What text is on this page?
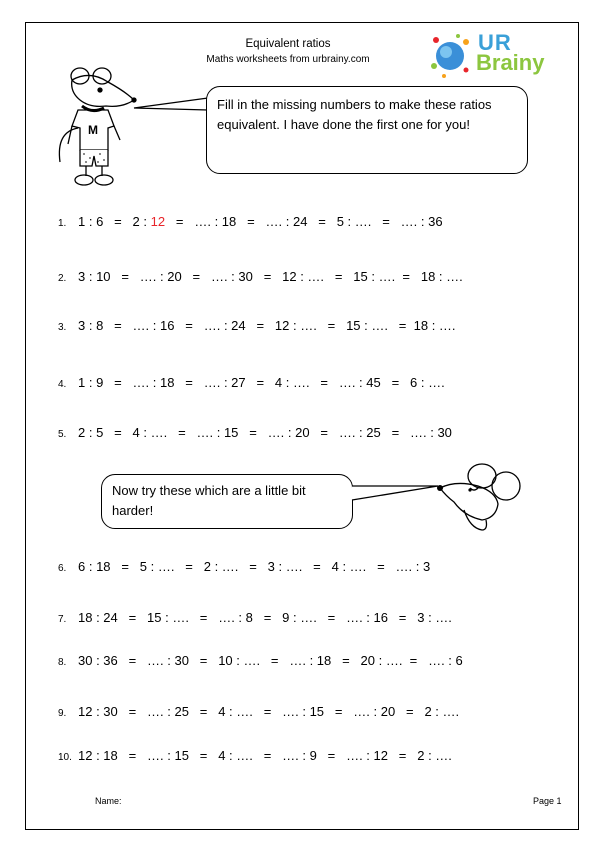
Equivalent ratios
Maths worksheets from urbrainy.com
UR
Brainy
M
Fill in the missing numbers to make these ratios equivalent. I have done the first one for you!
1. 1 : 6   =   2 : 12   =   …. : 18   =   …. : 24   =   5 : ….   =   …. : 36
2. 3 : 10   =   …. : 20   =   …. : 30   =   12 : ….   =   15 : ….  =   18 : ….
3. 3 : 8   =   …. : 16   =   …. : 24   =   12 : ….   =   15 : ….   =  18 : ….
4. 1 : 9   =   …. : 18   =   …. : 27   =   4 : ….   =   …. : 45   =   6 : ….
5. 2 : 5   =   4 : ….   =   …. : 15   =   …. : 20   =   …. : 25   =   …. : 30
Now try these which are a little bit harder!
6. 6 : 18   =   5 : ….   =   2 : ….   =   3 : ….   =   4 : ….   =   …. : 3
7. 18 : 24   =   15 : ….   =   …. : 8   =   9 : ….   =   …. : 16   =   3 : ….
8. 30 : 36   =   …. : 30   =   10 : ….   =   …. : 18   =   20 : ….  =   …. : 6
9. 12 : 30   =   …. : 25   =   4 : ….   =   …. : 15   =   …. : 20   =   2 : ….
10. 12 : 18   =   …. : 15   =   4 : ….   =   …. : 9   =   …. : 12   =   2 : ….
Name:	Page 1
